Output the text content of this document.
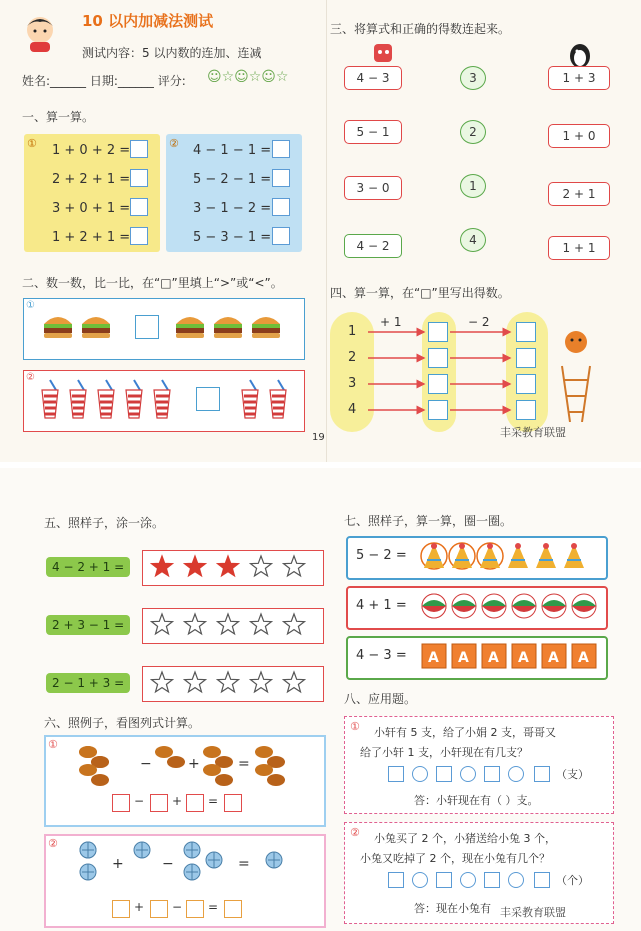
10 以内加减法测试
测试内容：5 以内数的连加、连减
姓名:______ 日期:______ 评分: ☺☆☺☆☺☆
一、算一算。
① 1 + 0 + 2 =
2 + 2 + 1 =
3 + 0 + 1 =
1 + 2 + 1 =
② 4 − 1 − 1 =
5 − 2 − 1 =
3 − 1 − 2 =
5 − 3 − 1 =
二、数一数，比一比，在“□”里填上“>”或“<”。
①
②
19
三、将算式和正确的得数连起来。
4 − 3
5 − 1
3 − 0
4 − 2
3
2
1
4
1 + 3
1 + 0
2 + 1
1 + 1
四、算一算，在“□”里写出得数。
1
2
3
4
+ 1	− 2
丰采教育联盟
五、照样子，涂一涂。
4 − 2 + 1 =
2 + 3 − 1 =
2 − 1 + 3 =
六、照例子，看图列式计算。
①
−	+	=
− + =
②
+	−	=
+ − =
七、照样子，算一算，圈一圈。
5 − 2 =
4 + 1 =
4 − 3 =
八、应用题。
① 小轩有 5 支，给了小娟 2 支，哥哥又
给了小轩 1 支，小轩现在有几支？
（支）
答：小轩现在有（ ）支。
② 小兔买了 2 个，小猪送给小兔 3 个，
小兔又吃掉了 2 个，现在小兔有几个？
（个）
答：现在小兔有 丰采教育联盟
